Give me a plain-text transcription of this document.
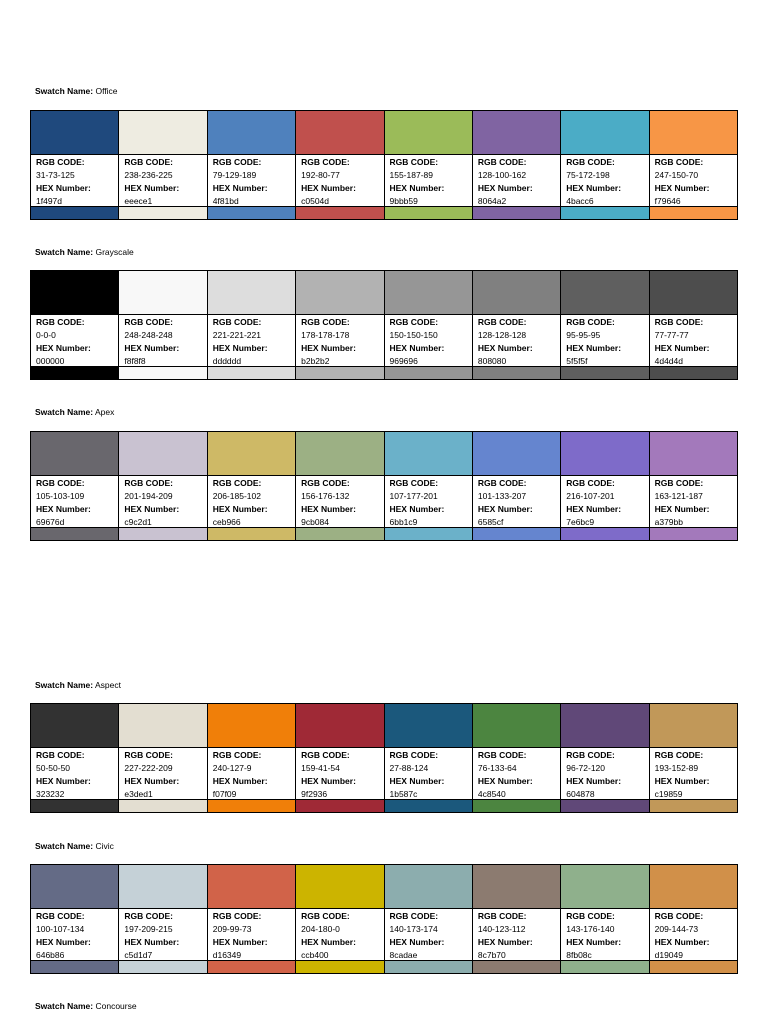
Swatch Name: Office
RGB CODE:
31-73-125
HEX Number:
1f497d
RGB CODE:
238-236-225
HEX Number:
eeece1
RGB CODE:
79-129-189
HEX Number:
4f81bd
RGB CODE:
192-80-77
HEX Number:
c0504d
RGB CODE:
155-187-89
HEX Number:
9bbb59
RGB CODE:
128-100-162
HEX Number:
8064a2
RGB CODE:
75-172-198
HEX Number:
4bacc6
RGB CODE:
247-150-70
HEX Number:
f79646
Swatch Name: Grayscale
RGB CODE:
0-0-0
HEX Number:
000000
RGB CODE:
248-248-248
HEX Number:
f8f8f8
RGB CODE:
221-221-221
HEX Number:
dddddd
RGB CODE:
178-178-178
HEX Number:
b2b2b2
RGB CODE:
150-150-150
HEX Number:
969696
RGB CODE:
128-128-128
HEX Number:
808080
RGB CODE:
95-95-95
HEX Number:
5f5f5f
RGB CODE:
77-77-77
HEX Number:
4d4d4d
Swatch Name: Apex
RGB CODE:
105-103-109
HEX Number:
69676d
RGB CODE:
201-194-209
HEX Number:
c9c2d1
RGB CODE:
206-185-102
HEX Number:
ceb966
RGB CODE:
156-176-132
HEX Number:
9cb084
RGB CODE:
107-177-201
HEX Number:
6bb1c9
RGB CODE:
101-133-207
HEX Number:
6585cf
RGB CODE:
216-107-201
HEX Number:
7e6bc9
RGB CODE:
163-121-187
HEX Number:
a379bb
Swatch Name: Aspect
RGB CODE:
50-50-50
HEX Number:
323232
RGB CODE:
227-222-209
HEX Number:
e3ded1
RGB CODE:
240-127-9
HEX Number:
f07f09
RGB CODE:
159-41-54
HEX Number:
9f2936
RGB CODE:
27-88-124
HEX Number:
1b587c
RGB CODE:
76-133-64
HEX Number:
4c8540
RGB CODE:
96-72-120
HEX Number:
604878
RGB CODE:
193-152-89
HEX Number:
c19859
Swatch Name: Civic
RGB CODE:
100-107-134
HEX Number:
646b86
RGB CODE:
197-209-215
HEX Number:
c5d1d7
RGB CODE:
209-99-73
HEX Number:
d16349
RGB CODE:
204-180-0
HEX Number:
ccb400
RGB CODE:
140-173-174
HEX Number:
8cadae
RGB CODE:
140-123-112
HEX Number:
8c7b70
RGB CODE:
143-176-140
HEX Number:
8fb08c
RGB CODE:
209-144-73
HEX Number:
d19049
Swatch Name: Concourse
